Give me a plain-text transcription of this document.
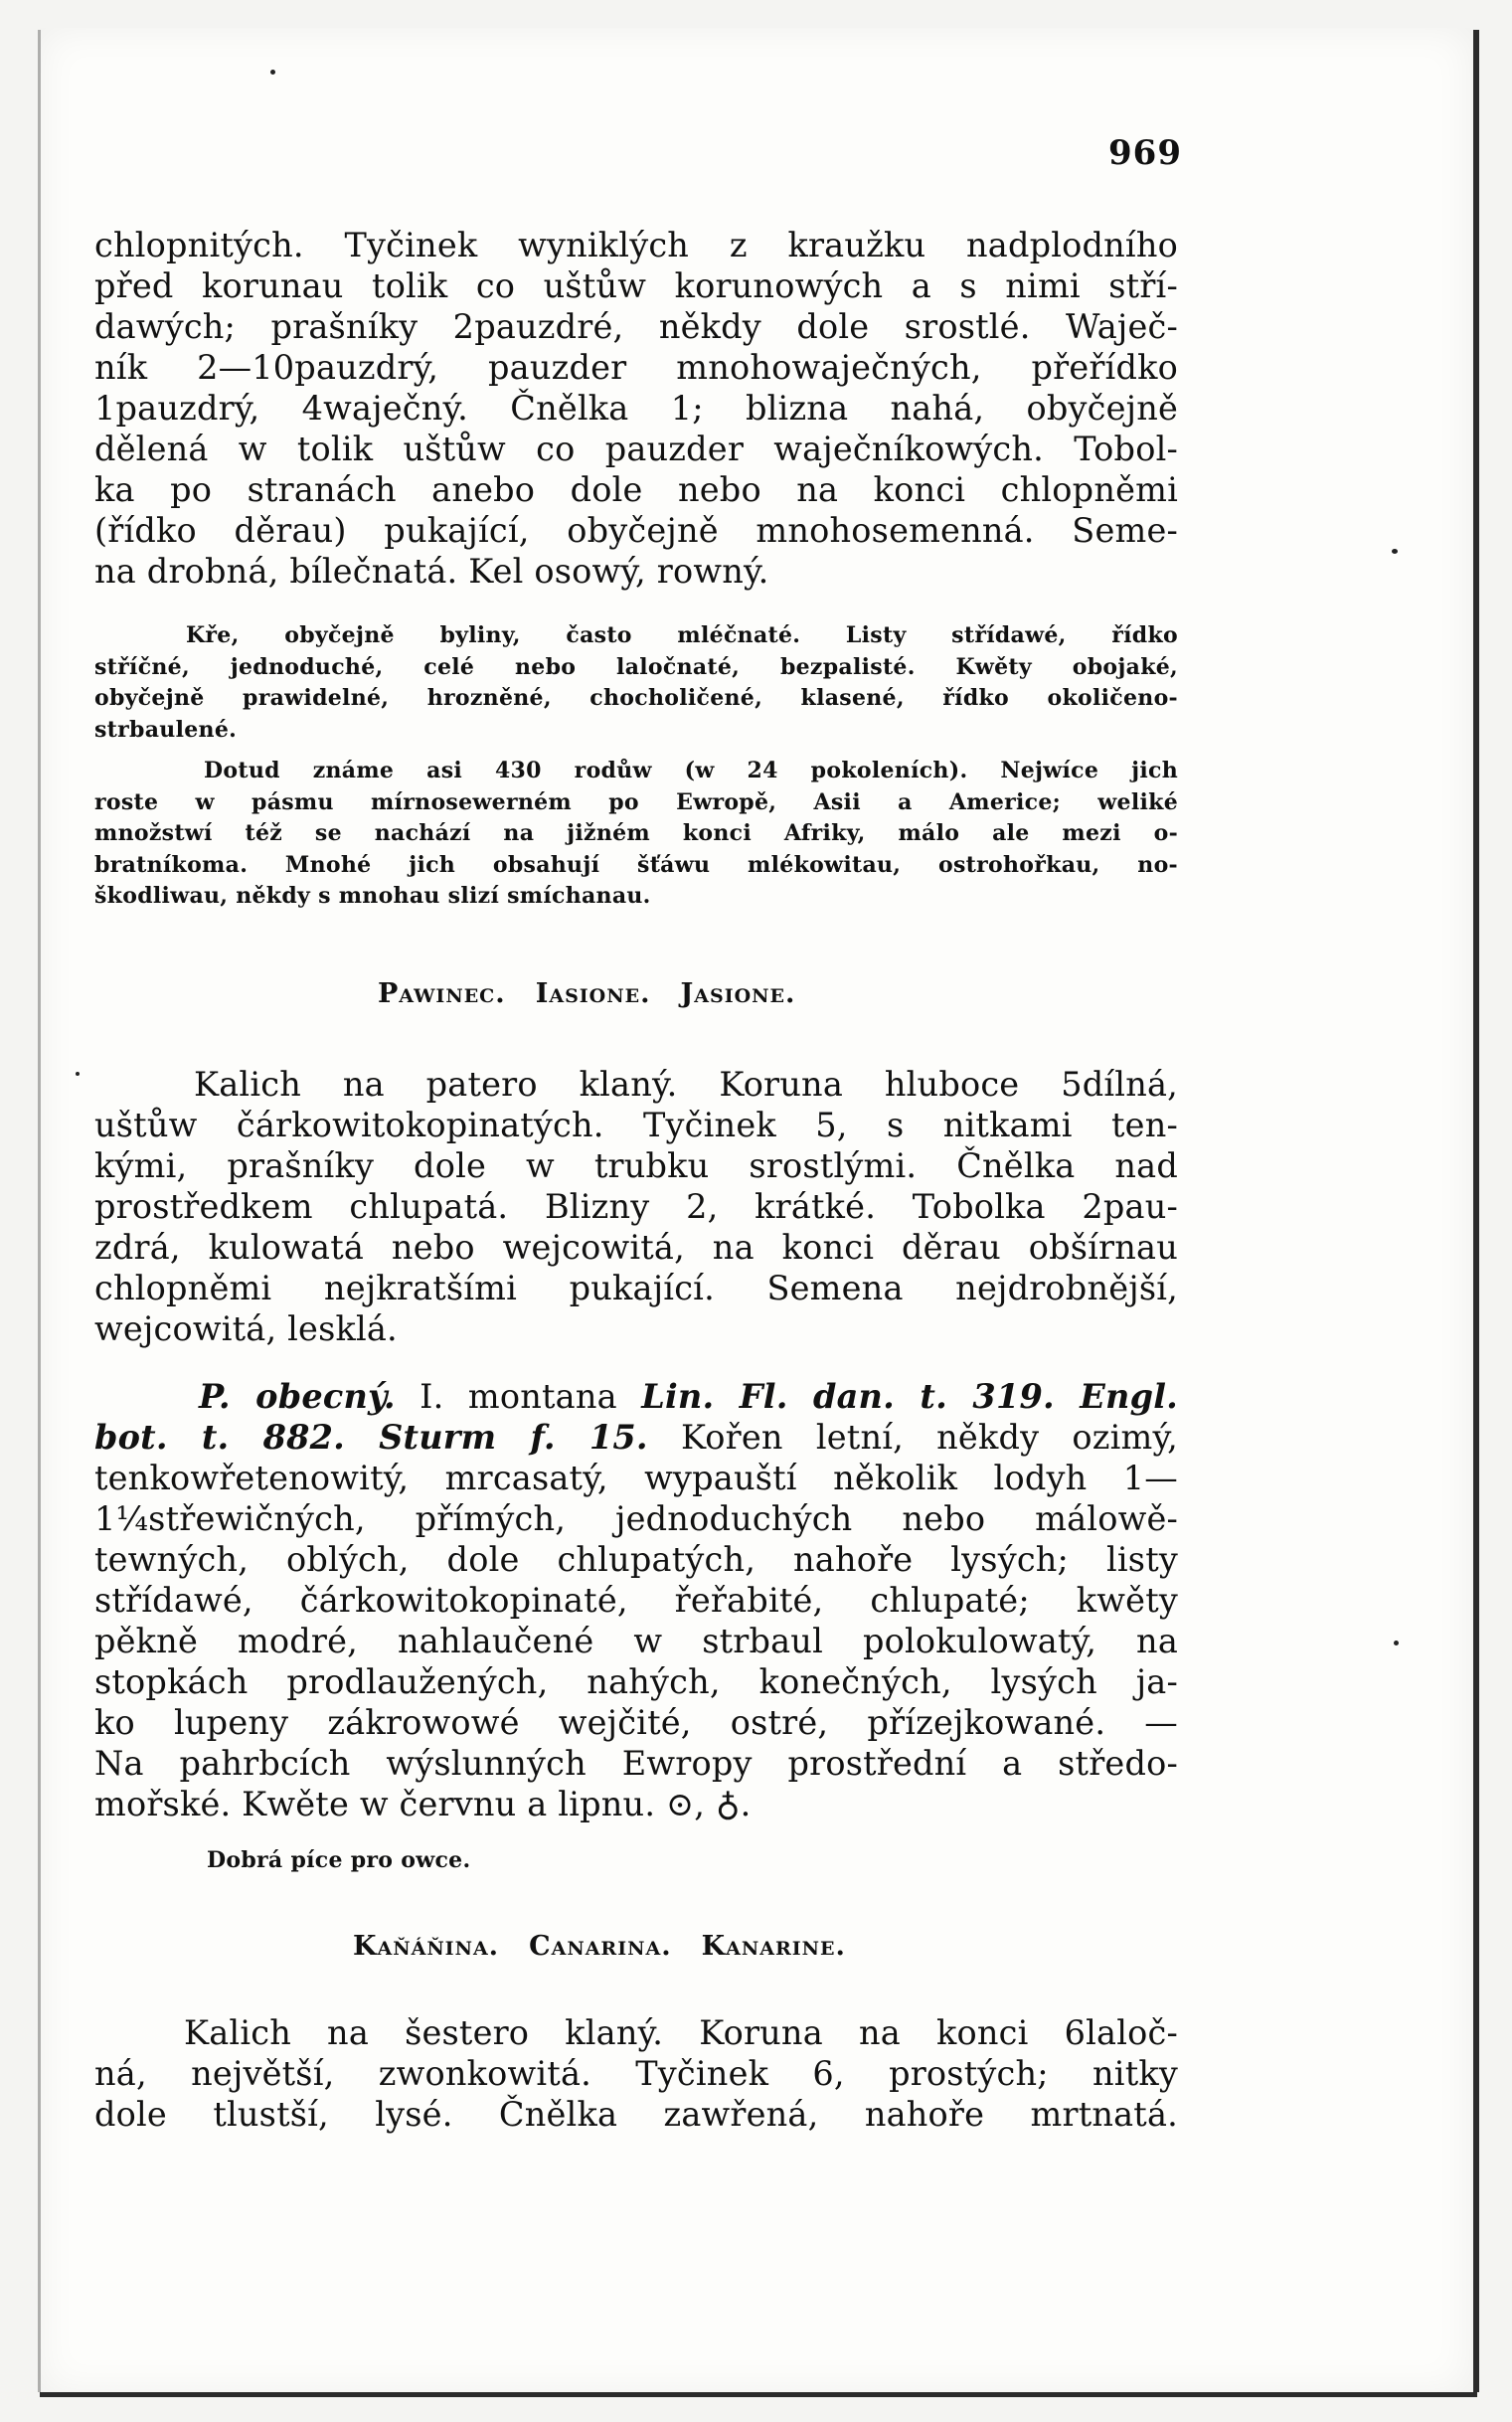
969
chlopnitých. Tyčinek wyniklých z kraužku nadplodního
před korunau tolik co uštůw korunowých a s nimi stří-
dawých; prašníky 2pauzdré, někdy dole srostlé. Waječ-
ník 2—10pauzdrý, pauzder mnohowaječných, přeřídko
1pauzdrý, 4waječný. Čnělka 1; blizna nahá, obyčejně
dělená w tolik uštůw co pauzder waječníkowých. Tobol-
ka po stranách anebo dole nebo na konci chlopněmi
(řídko děrau) pukající, obyčejně mnohosemenná. Seme-
na drobná, bílečnatá. Kel osowý, rowný.
Kře, obyčejně byliny, často mléčnaté. Listy střídawé, řídko
stříčné, jednoduché, celé nebo laločnaté, bezpalisté. Kwěty obojaké,
obyčejně prawidelné, hrozněné, chocholičené, klasené, řídko okoličeno-
strbaulené.
Dotud známe asi 430 rodůw (w 24 pokoleních). Nejwíce jich
roste w pásmu mírnosewerném po Ewropě, Asii a Americe; weliké
množstwí též se nachází na jižném konci Afriky, málo ale mezi o-
bratníkoma. Mnohé jich obsahují šťáwu mlékowitau, ostrohořkau, no-
škodliwau, někdy s mnohau slizí smíchanau.
Pawinec. Iasione. Jasione.
Kalich na patero klaný. Koruna hluboce 5dílná,
uštůw čárkowitokopinatých. Tyčinek 5, s nitkami ten-
kými, prašníky dole w trubku srostlými. Čnělka nad
prostředkem chlupatá. Blizny 2, krátké. Tobolka 2pau-
zdrá, kulowatá nebo wejcowitá, na konci děrau obšírnau
chlopněmi nejkratšími pukající. Semena nejdrobnější,
wejcowitá, lesklá.
P. obecný. I. montana Lin. Fl. dan. t. 319. Engl.
bot. t. 882. Sturm f. 15. Kořen letní, někdy ozimý,
tenkowřetenowitý, mrcasatý, wypauští několik lodyh 1—
1¼střewičných, přímých, jednoduchých nebo málowě-
tewných, oblých, dole chlupatých, nahoře lysých; listy
střídawé, čárkowitokopinaté, řeřabité, chlupaté; kwěty
pěkně modré, nahlaučené w strbaul polokulowatý, na
stopkách prodlaužených, nahých, konečných, lysých ja-
ko lupeny zákrowowé wejčité, ostré, přízejkowané. —
Na pahrbcích wýslunných Ewropy prostřední a středo-
mořské. Kwěte w červnu a lipnu. ⊙, ♁.
Dobrá píce pro owce.
Kaňáňina. Canarina. Kanarine.
Kalich na šestero klaný. Koruna na konci 6laloč-
ná, největší, zwonkowitá. Tyčinek 6, prostých; nitky
dole tlustší, lysé. Čnělka zawřená, nahoře mrtnatá.
